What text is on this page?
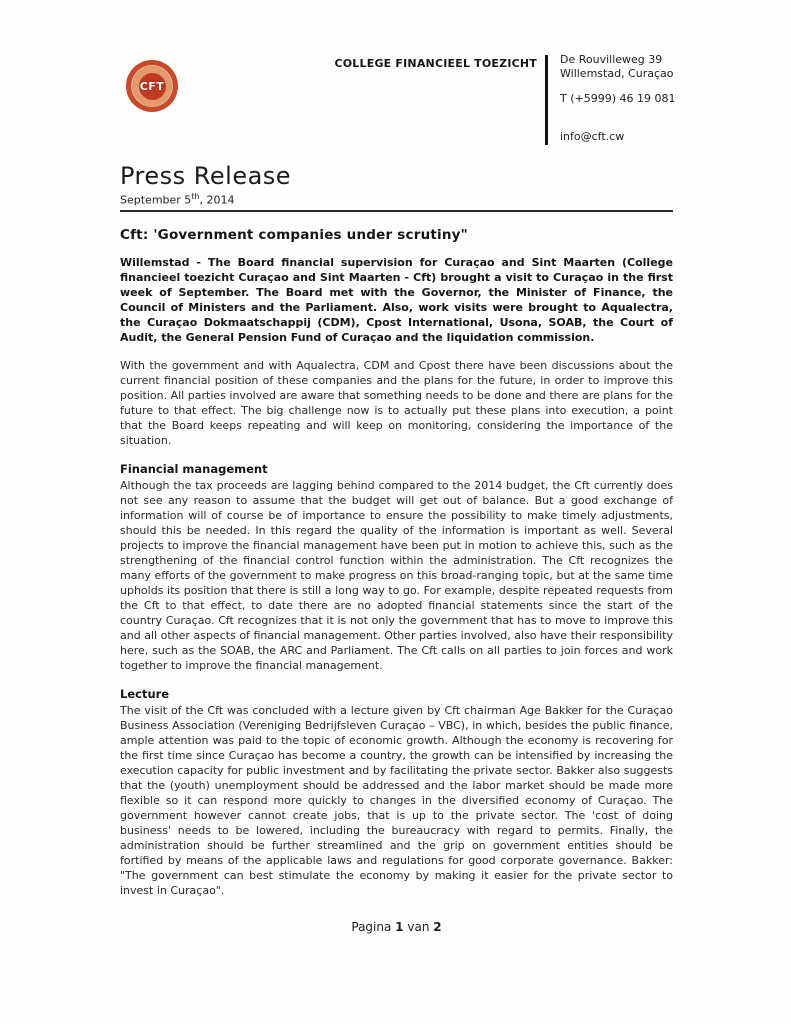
CFT
COLLEGE FINANCIEEL TOEZICHT De Rouvilleweg 39
Willemstad, Curaçao
T (+5999) 46 19 081
info@cft.cw
Press Release
September 5th, 2014
Cft: 'Government companies under scrutiny"

Willemstad - The Board financial supervision for Curaçao and Sint Maarten (College financieel toezicht Curaçao and Sint Maarten - Cft) brought a visit to Curaçao in the first week of September. The Board met with the Governor, the Minister of Finance, the Council of Ministers and the Parliament. Also, work visits were brought to Aqualectra, the Curaçao Dokmaatschappij (CDM), Cpost International, Usona, SOAB, the Court of Audit, the General Pension Fund of Curaçao and the liquidation commission.

With the government and with Aqualectra, CDM and Cpost there have been discussions about the current financial position of these companies and the plans for the future, in order to improve this position. All parties involved are aware that something needs to be done and there are plans for the future to that effect. The big challenge now is to actually put these plans into execution, a point that the Board keeps repeating and will keep on monitoring, considering the importance of the situation.

Financial management

Although the tax proceeds are lagging behind compared to the 2014 budget, the Cft currently does not see any reason to assume that the budget will get out of balance. But a good exchange of information will of course be of importance to ensure the possibility to make timely adjustments, should this be needed. In this regard the quality of the information is important as well. Several projects to improve the financial management have been put in motion to achieve this, such as the strengthening of the financial control function within the administration. The Cft recognizes the many efforts of the government to make progress on this broad-ranging topic, but at the same time upholds its position that there is still a long way to go. For example, despite repeated requests from the Cft to that effect, to date there are no adopted financial statements since the start of the country Curaçao. Cft recognizes that it is not only the government that has to move to improve this and all other aspects of financial management. Other parties involved, also have their responsibility here, such as the SOAB, the ARC and Parliament. The Cft calls on all parties to join forces and work together to improve the financial management.

Lecture

The visit of the Cft was concluded with a lecture given by Cft chairman Age Bakker for the Curaçao Business Association (Vereniging Bedrijfsleven Curaçao – VBC), in which, besides the public finance, ample attention was paid to the topic of economic growth. Although the economy is recovering for the first time since Curaçao has become a country, the growth can be intensified by increasing the execution capacity for public investment and by facilitating the private sector. Bakker also suggests that the (youth) unemployment should be addressed and the labor market should be made more flexible so it can respond more quickly to changes in the diversified economy of Curaçao. The government however cannot create jobs, that is up to the private sector. The 'cost of doing business' needs to be lowered, including the bureaucracy with regard to permits. Finally, the administration should be further streamlined and the grip on government entities should be fortified by means of the applicable laws and regulations for good corporate governance. Bakker: "The government can best stimulate the economy by making it easier for the private sector to invest in Curaçao".

Pagina 1 van 2
